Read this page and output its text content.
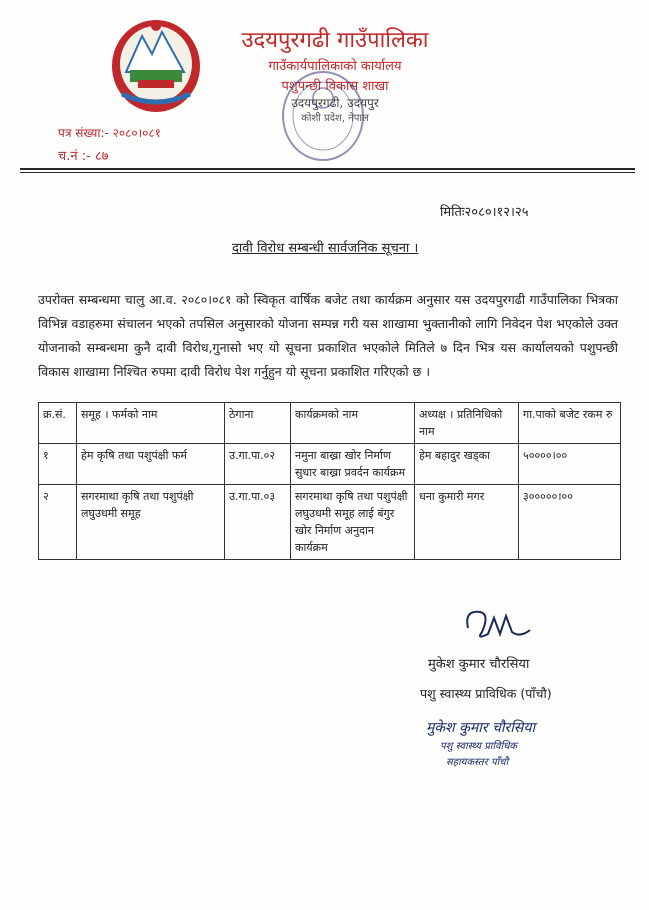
उदयपुरगढी गाउँपालिका
गाउँकार्यपालिकाको कार्यालय
पशुपन्छी विकास शाखा
उदयपुरगढी, उदयपुर
कोशी प्रदेश, नेपाल
पत्र संख्या:- २०८०।०८१
च.नं :- ८७
मितिः२०८०।१२।२५
दावी विरोध सम्बन्धी सार्वजनिक सूचना ।
उपरोक्त सम्बन्धमा चालु आ.व. २०८०।०८१ को स्विकृत वार्षिक बजेट तथा कार्यक्रम अनुसार यस उदयपुरगढी गाउँपालिका भित्रका विभिन्न वडाहरुमा संचालन भएको तपसिल अनुसारको योजना सम्पन्न गरी यस शाखामा भुक्तानीको लागि निवेदन पेश भएकोले उक्त योजनाको सम्बन्धमा कुनै दावी विरोध,गुनासो भए यो सूचना प्रकाशित भएकोले मितिले ७ दिन भित्र यस कार्यालयको पशुपन्छी विकास शाखामा निश्चित रुपमा दावी विरोध पेश गर्नुहुन यो सूचना प्रकाशित गरिएको छ ।
क्र.सं.	समूह । फर्मको नाम	ठेगाना	कार्यक्रमको नाम	अध्यक्ष । प्रतिनिधिको नाम	गा.पाको बजेट रकम रु
१	हेम कृषि तथा पशुपंक्षी फर्म	उ.गा.पा.०२	नमुना बाख्रा खोर निर्माण सुधार बाख्रा प्रवर्दन कार्यक्रम	हेम बहादुर खड्का	५००००।००
२	सगरमाथा कृषि तथा पशुपंक्षी लघुउधमी समूह	उ.गा.पा.०३	सगरमाथा कृषि तथा पशुपंक्षी लघुउधमी समूह लाई बंगुर खोर निर्माण अनुदान कार्यक्रम	धना कुमारी मगर	३०००००।००
मुकेश कुमार चौरसिया
पशु स्वास्थ्य प्राविधिक (पाँचौ)
मुकेश कुमार चौरसिया
पशु स्वास्थ्य प्राविधिक
सहायकस्तर पाँचौ
